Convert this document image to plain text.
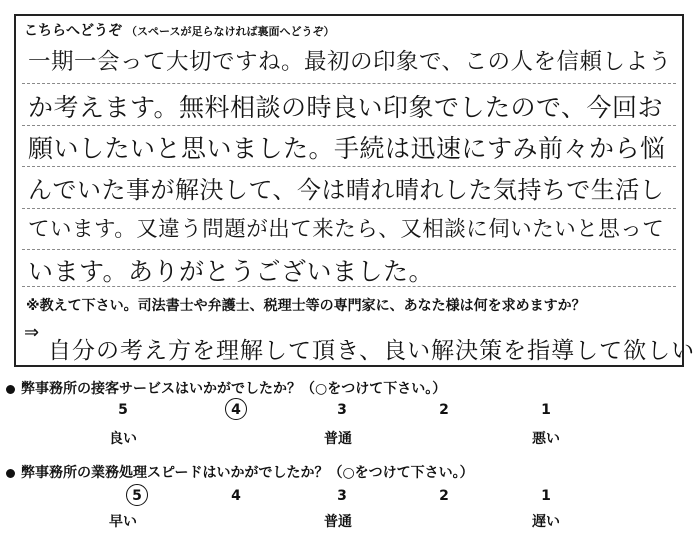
こちらへどうぞ （スペースが足らなければ裏面へどうぞ）
一期一会って大切ですね。最初の印象で、この人を信頼しよう
か考えます。無料相談の時良い印象でしたので、今回お
願いしたいと思いました。手続は迅速にすみ前々から悩
んでいた事が解決して、今は晴れ晴れした気持ちで生活し
ています。又違う問題が出て来たら、又相談に伺いたいと思って
います。ありがとうございました。
※教えて下さい。司法書士や弁護士、税理士等の専門家に、あなた様は何を求めますか？
⇒
自分の考え方を理解して頂き、良い解決策を指導して欲しい
弊事務所の接客サービスはいかがでしたか？（○をつけて下さい。）
5	4	3	2	1
良い	普通	悪い
弊事務所の業務処理スピードはいかがでしたか？（○をつけて下さい。）
5	4	3	2	1
早い	普通	遅い
